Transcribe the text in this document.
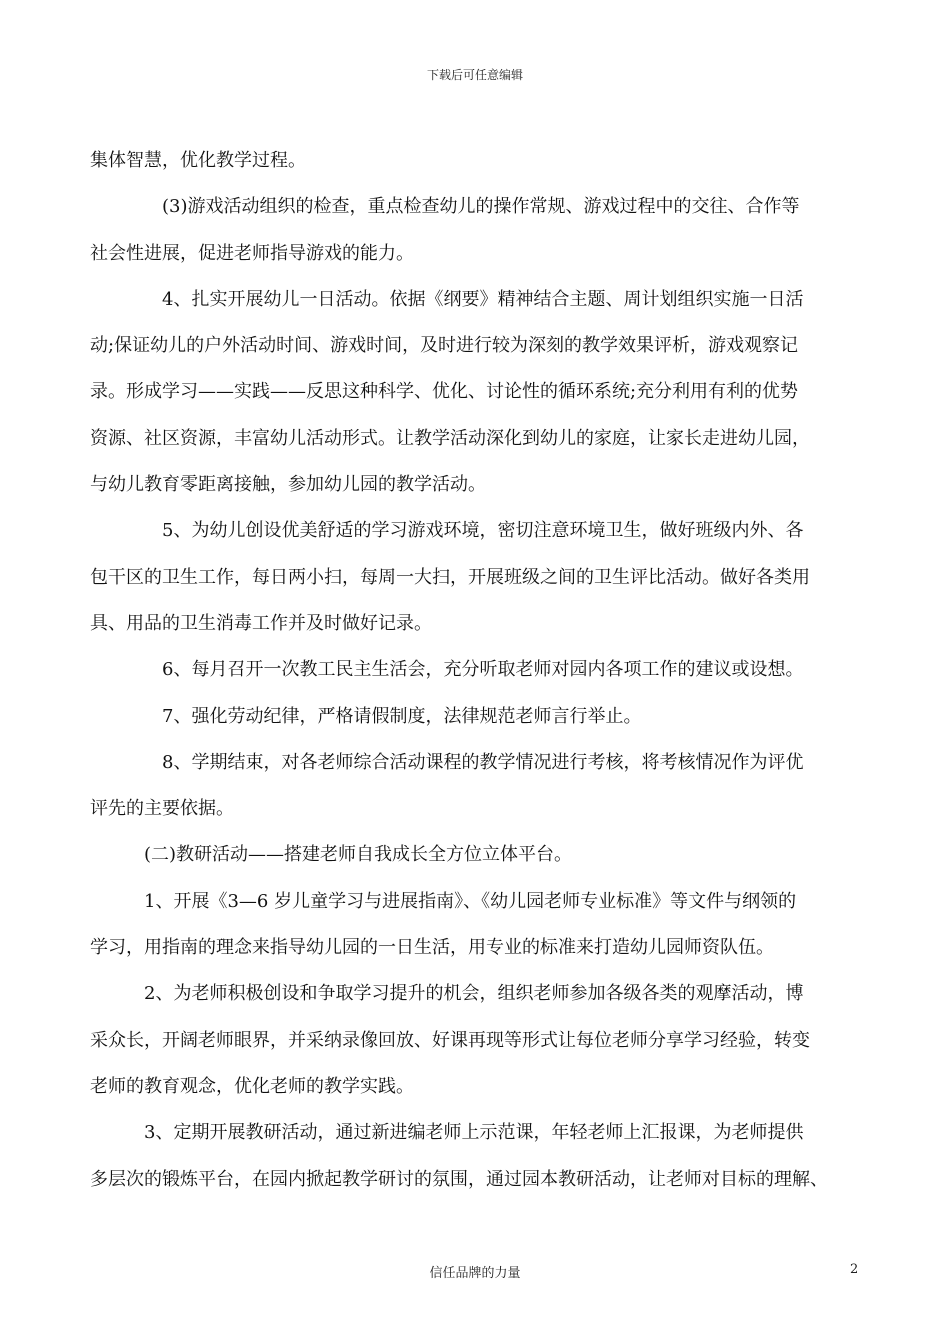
下载后可任意编辑
集体智慧，优化教学过程。
(3)游戏活动组织的检查，重点检查幼儿的操作常规、游戏过程中的交往、合作等
社会性进展，促进老师指导游戏的能力。
4、扎实开展幼儿一日活动。依据《纲要》精神结合主题、周计划组织实施一日活
动;保证幼儿的户外活动时间、游戏时间，及时进行较为深刻的教学效果评析，游戏观察记
录。形成学习——实践——反思这种科学、优化、讨论性的循环系统;充分利用有利的优势
资源、社区资源，丰富幼儿活动形式。让教学活动深化到幼儿的家庭，让家长走进幼儿园，
与幼儿教育零距离接触，参加幼儿园的教学活动。
5、为幼儿创设优美舒适的学习游戏环境，密切注意环境卫生，做好班级内外、各
包干区的卫生工作，每日两小扫，每周一大扫，开展班级之间的卫生评比活动。做好各类用
具、用品的卫生消毒工作并及时做好记录。
6、每月召开一次教工民主生活会，充分听取老师对园内各项工作的建议或设想。
7、强化劳动纪律，严格请假制度，法律规范老师言行举止。
8、学期结束，对各老师综合活动课程的教学情况进行考核，将考核情况作为评优
评先的主要依据。
(二)教研活动——搭建老师自我成长全方位立体平台。
1、开展《3—6 岁儿童学习与进展指南》、《幼儿园老师专业标准》等文件与纲领的
学习，用指南的理念来指导幼儿园的一日生活，用专业的标准来打造幼儿园师资队伍。
2、为老师积极创设和争取学习提升的机会，组织老师参加各级各类的观摩活动，博
采众长，开阔老师眼界，并采纳录像回放、好课再现等形式让每位老师分享学习经验，转变
老师的教育观念，优化老师的教学实践。
3、定期开展教研活动，通过新进编老师上示范课，年轻老师上汇报课，为老师提供
多层次的锻炼平台，在园内掀起教学研讨的氛围，通过园本教研活动，让老师对目标的理解、
信任品牌的力量	2
